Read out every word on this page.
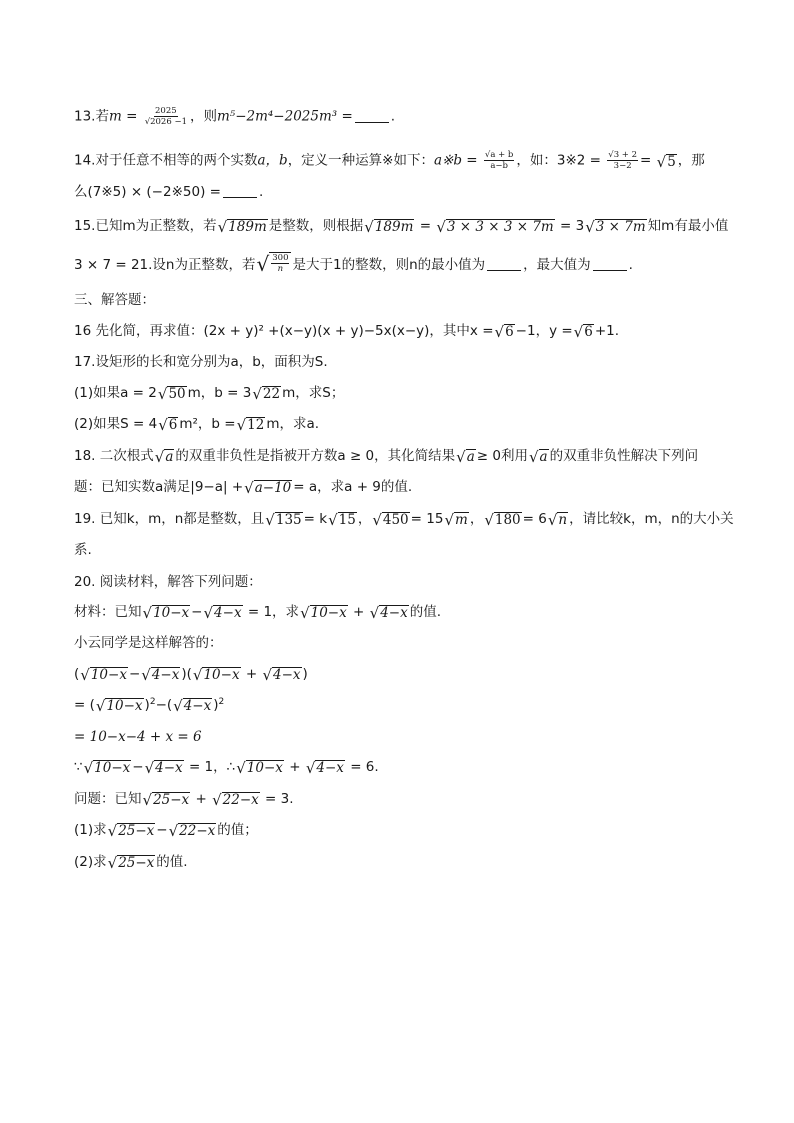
13.若$m = \frac{2025}{√2026 -1}$ ，则m⁵−2m⁴−2025m³ =	.
14.对于任意不相等的两个实数a，b，定义一种运算※如下：a※b = $\frac{√a + b}{a-b}$ ，如：3※2 = $\frac{√3 + 2}{3-2}$ = √ 5 ，那
么(7※5) × (−2※50) =	.
15.已知m为正整数，若 √ 189m 是整数，则根据 √ 189m = √ 3 × 3 × 3 × 7m = 3 √ 3 × 7m 知m有最小值
3 × 7 = 21.设n为正整数，若 √ $\frac{300}{n}$ 是大于1的整数，则n的最小值为	，最大值为	.
三、解答题：
16 先化简，再求值：(2x + y)² +(x−y)(x + y)−5x(x−y)，其中x = √ 6 −1，y = √ 6 +1.
17.设矩形的长和宽分别为a，b，面积为S.
(1)如果a = 2 √ 50 m，b = 3 √ 22 m，求S；
(2)如果S = 4 √ 6 m²，b = √ 12 m，求a.
18. 二次根式 √ a 的双重非负性是指被开方数a ≥ 0，其化简结果 √ a ≥ 0利用 √ a 的双重非负性解决下列问
题：已知实数a满足|9−a| + √ a−10 = a，求a + 9的值.
19. 已知k，m，n都是整数，且 √ 135 = k √ 15 ， √ 450 = 15 √ m ， √ 180 = 6 √ n ，请比较k，m，n的大小关
系.
20. 阅读材料，解答下列问题：
材料：已知 √ 10−x − √ 4−x = 1，求 √ 10−x + √ 4−x 的值.
小云同学是这样解答的：
( √ 10−x − √ 4−x )( √ 10−x + √ 4−x )
= ( √ 10−x )$^2$−( √ 4−x )$^2$
= 10−x−4 + x = 6
∵ √ 10−x − √ 4−x = 1，∴ √ 10−x + √ 4−x = 6.
问题：已知 √ 25−x + √ 22−x = 3.
(1)求 √ 25−x − √ 22−x 的值；
(2)求 √ 25−x 的值.
